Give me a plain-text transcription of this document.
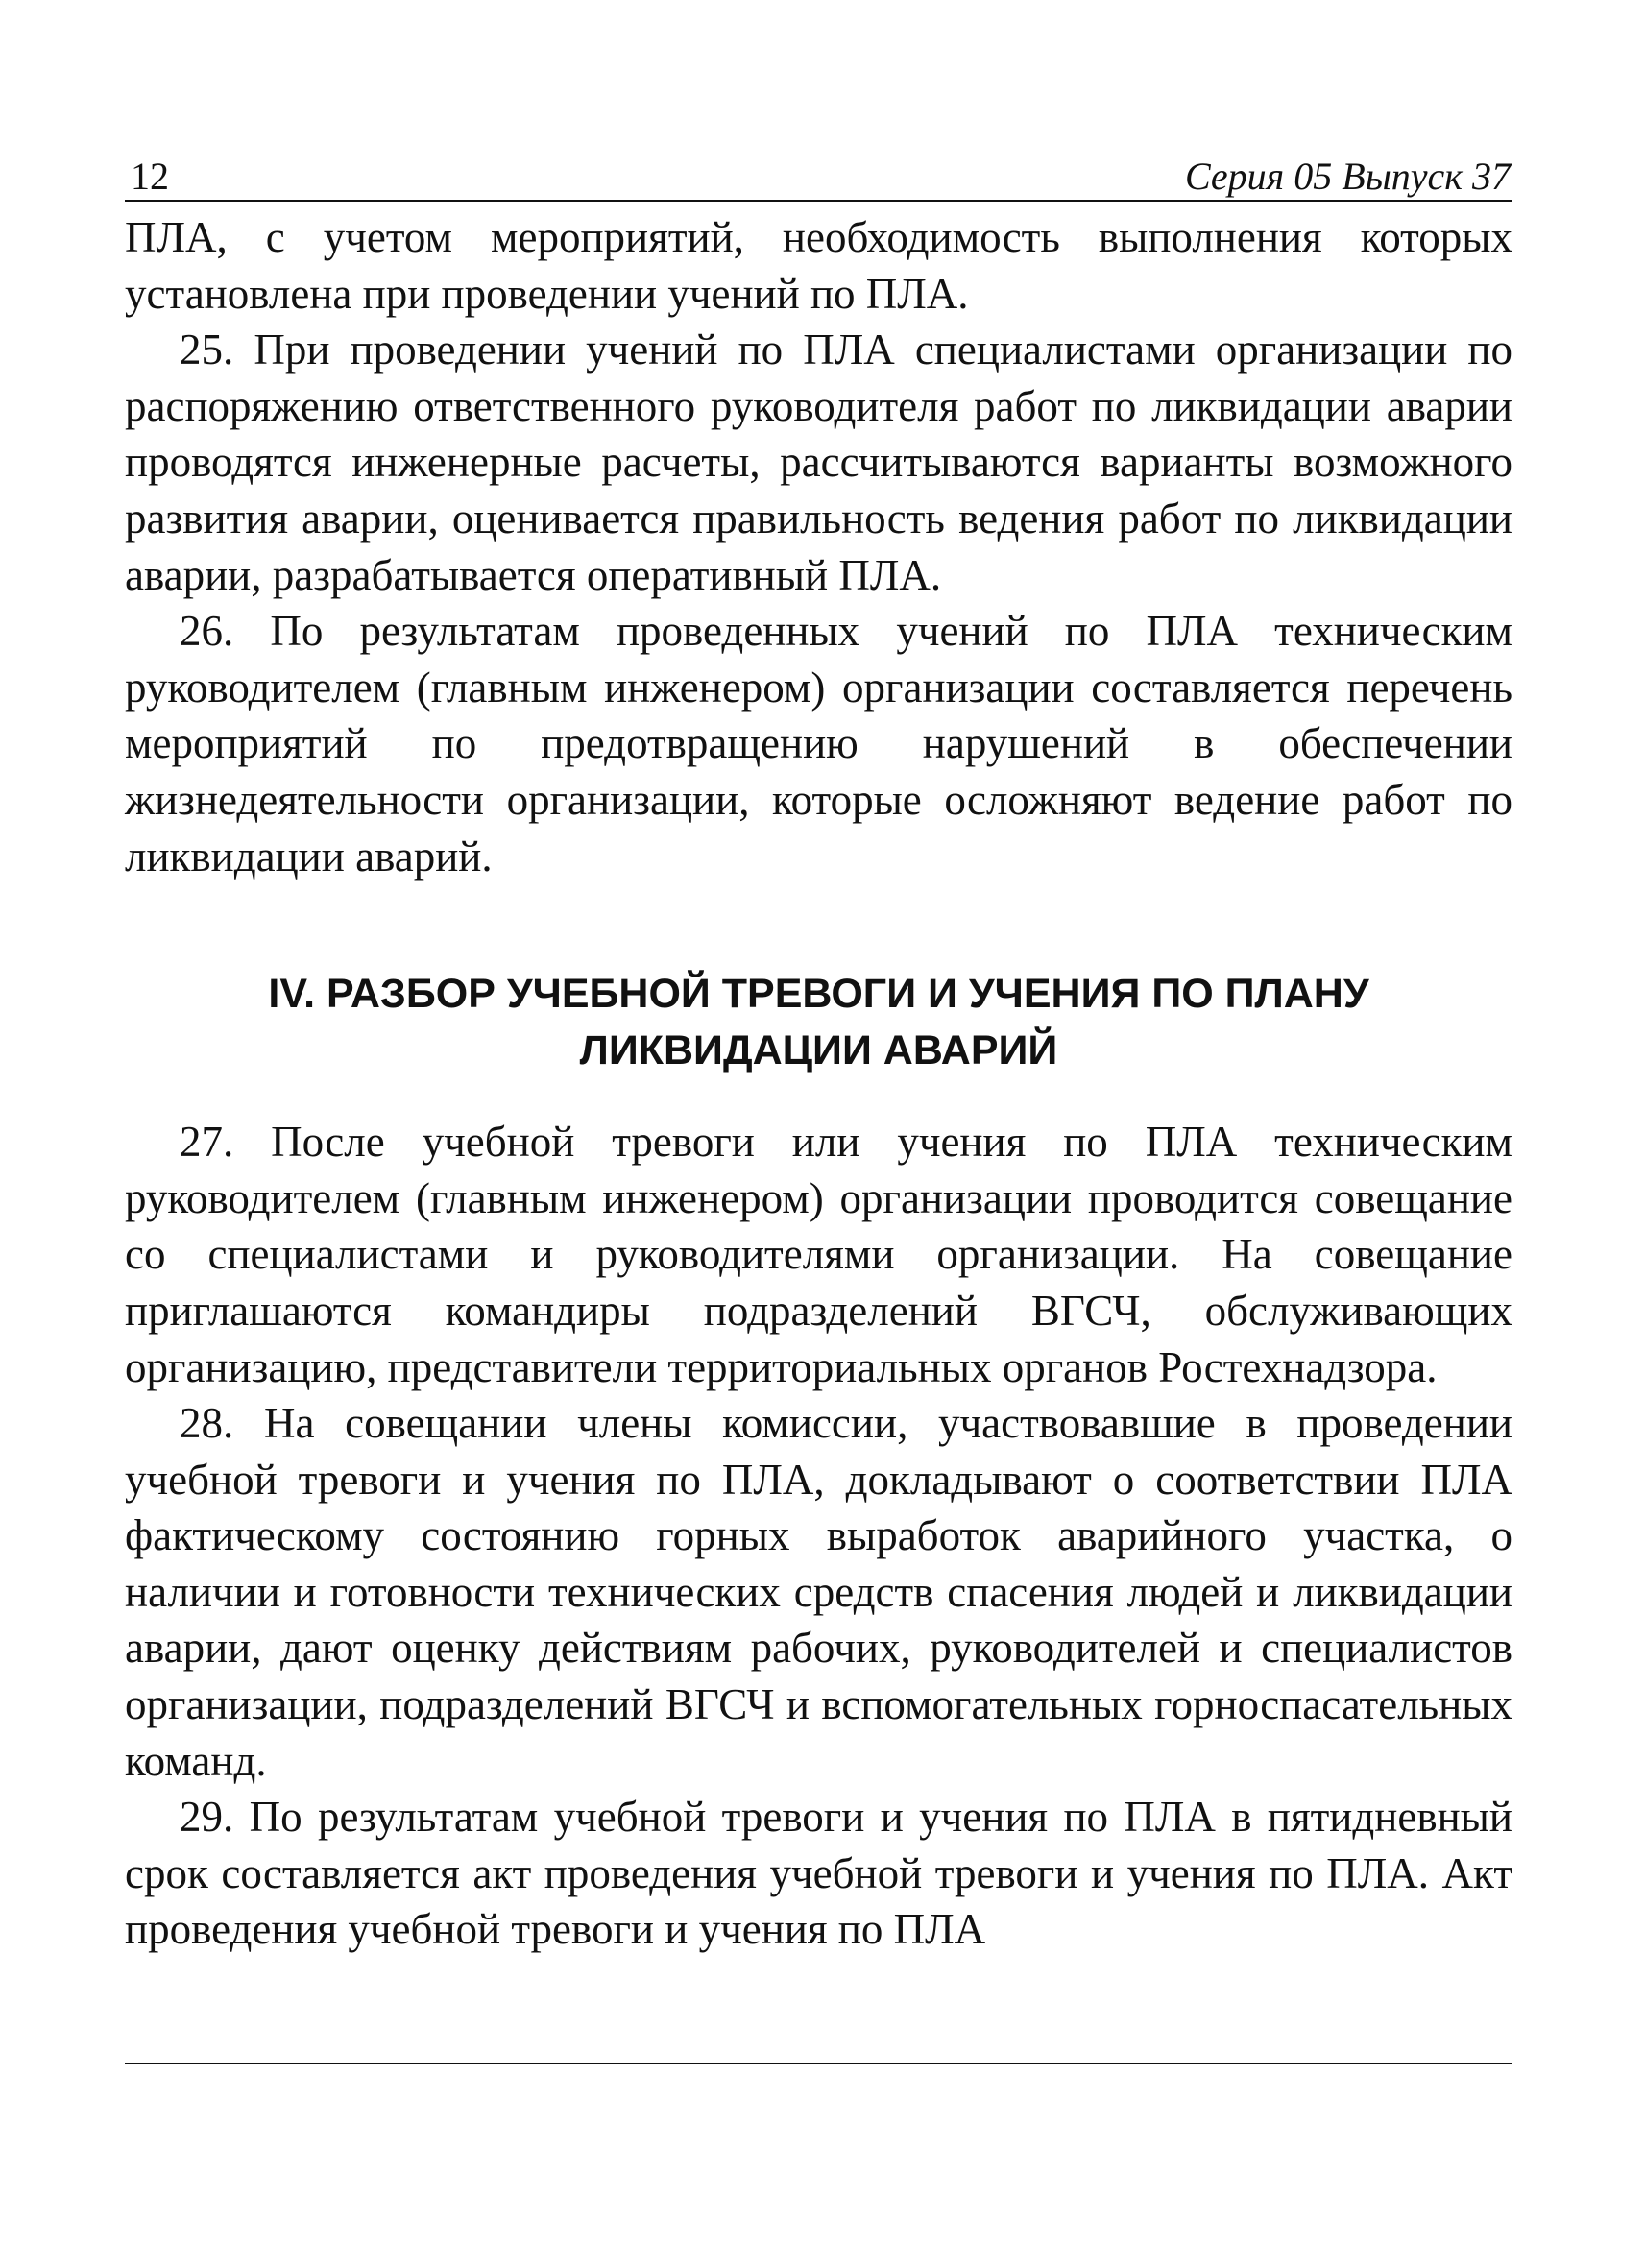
12	Серия 05 Выпуск 37

ПЛА, с учетом мероприятий, необходимость выполнения которых установлена при проведении учений по ПЛА.

25. При проведении учений по ПЛА специалистами организации по распоряжению ответственного руководителя работ по ликвидации аварии проводятся инженерные расчеты, рассчитываются варианты возможного развития аварии, оценивается правильность ведения работ по ликвидации аварии, разрабатывается оперативный ПЛА.

26. По результатам проведенных учений по ПЛА техническим руководителем (главным инженером) организации составляется перечень мероприятий по предотвращению нарушений в обеспечении жизнедеятельности организации, которые осложняют ведение работ по ликвидации аварий.

IV. РАЗБОР УЧЕБНОЙ ТРЕВОГИ И УЧЕНИЯ ПО ПЛАНУ
ЛИКВИДАЦИИ АВАРИЙ

27. После учебной тревоги или учения по ПЛА техническим руководителем (главным инженером) организации проводится совещание со специалистами и руководителями организации. На совещание приглашаются командиры подразделений ВГСЧ, обслуживающих организацию, представители территориальных органов Ростехнадзора.

28. На совещании члены комиссии, участвовавшие в проведении учебной тревоги и учения по ПЛА, докладывают о соответствии ПЛА фактическому состоянию горных выработок аварийного участка, о наличии и готовности технических средств спасения людей и ликвидации аварии, дают оценку действиям рабочих, руководителей и специалистов организации, подразделений ВГСЧ и вспомогательных горноспасательных команд.

29. По результатам учебной тревоги и учения по ПЛА в пятидневный срок составляется акт проведения учебной тревоги и учения по ПЛА. Акт проведения учебной тревоги и учения по ПЛА
